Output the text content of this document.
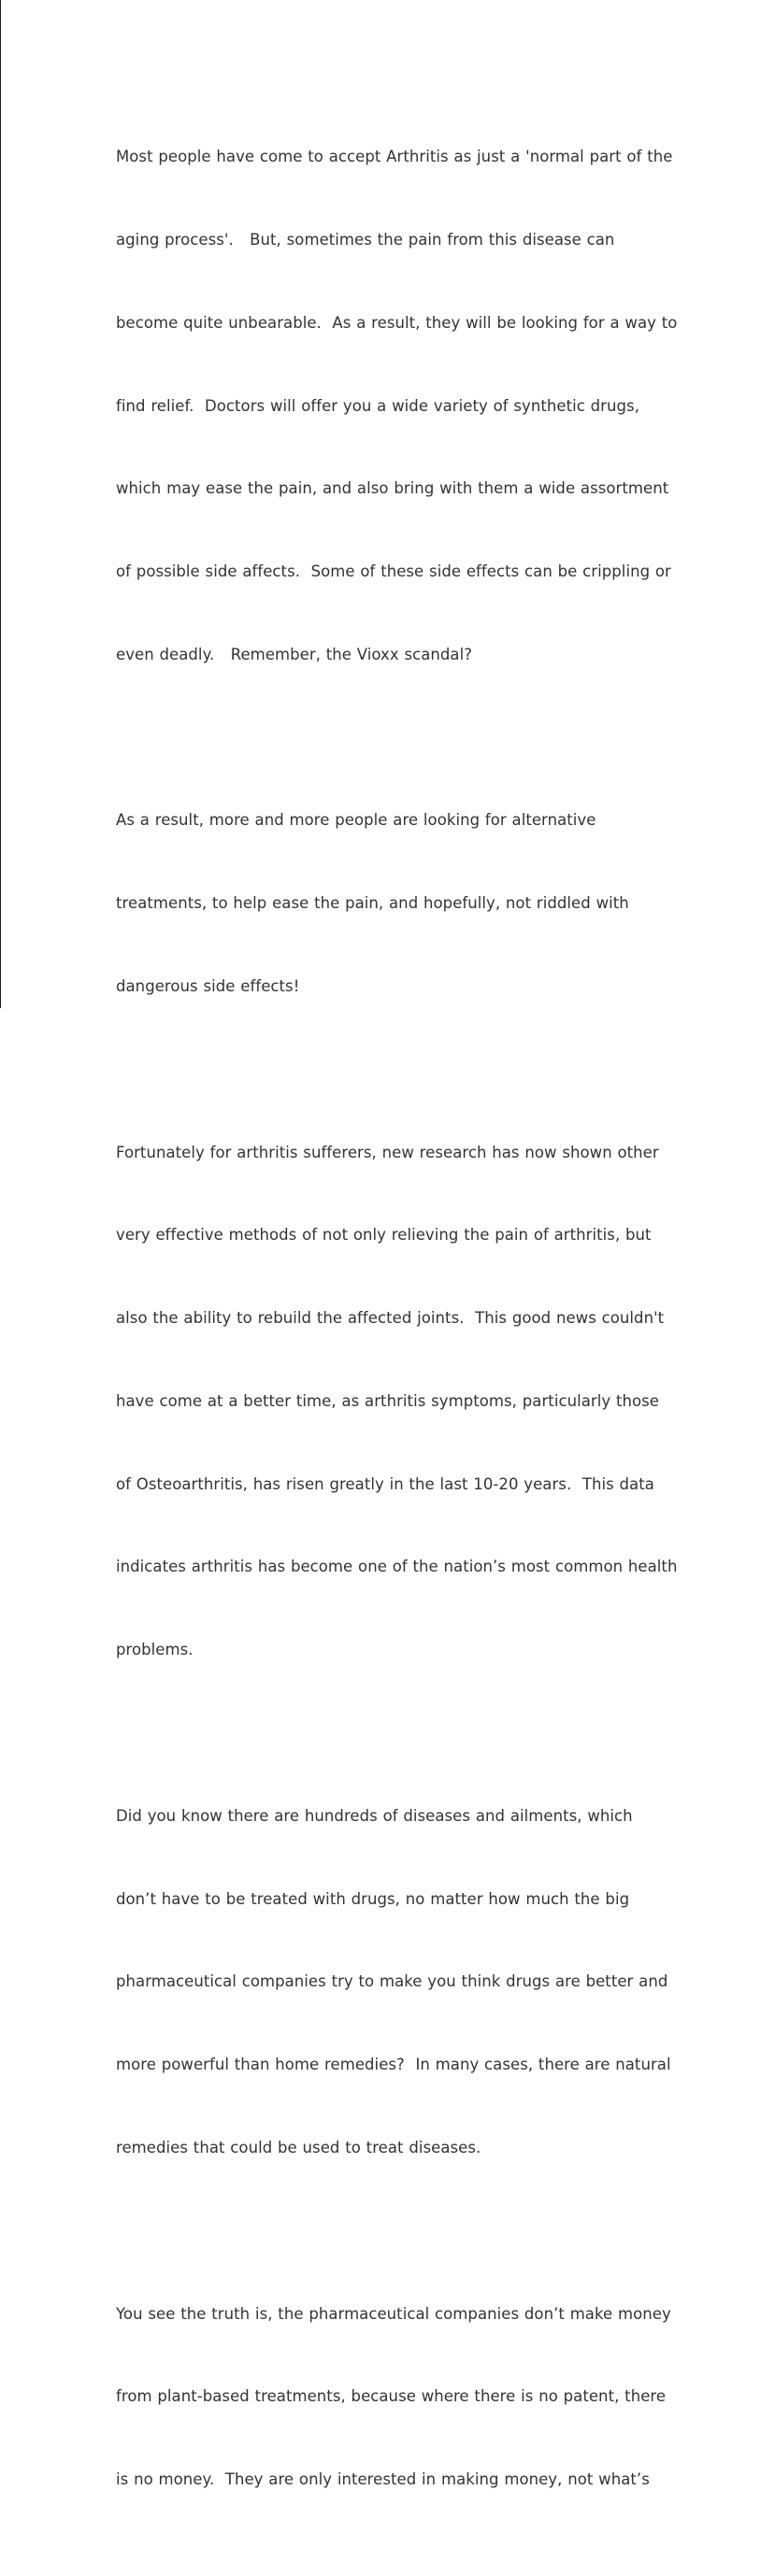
Most people have come to accept Arthritis as just a 'normal part of the

aging process'.   But, sometimes the pain from this disease can

become quite unbearable.  As a result, they will be looking for a way to

find relief.  Doctors will offer you a wide variety of synthetic drugs,

which may ease the pain, and also bring with them a wide assortment

of possible side affects.  Some of these side effects can be crippling or

even deadly.   Remember, the Vioxx scandal?

As a result, more and more people are looking for alternative

treatments, to help ease the pain, and hopefully, not riddled with

dangerous side effects!

Fortunately for arthritis sufferers, new research has now shown other

very effective methods of not only relieving the pain of arthritis, but

also the ability to rebuild the affected joints.  This good news couldn't

have come at a better time, as arthritis symptoms, particularly those

of Osteoarthritis, has risen greatly in the last 10-20 years.  This data

indicates arthritis has become one of the nation’s most common health

problems.

Did you know there are hundreds of diseases and ailments, which

don’t have to be treated with drugs, no matter how much the big

pharmaceutical companies try to make you think drugs are better and

more powerful than home remedies?  In many cases, there are natural

remedies that could be used to treat diseases.

You see the truth is, the pharmaceutical companies don’t make money

from plant-based treatments, because where there is no patent, there

is no money.  They are only interested in making money, not what’s
